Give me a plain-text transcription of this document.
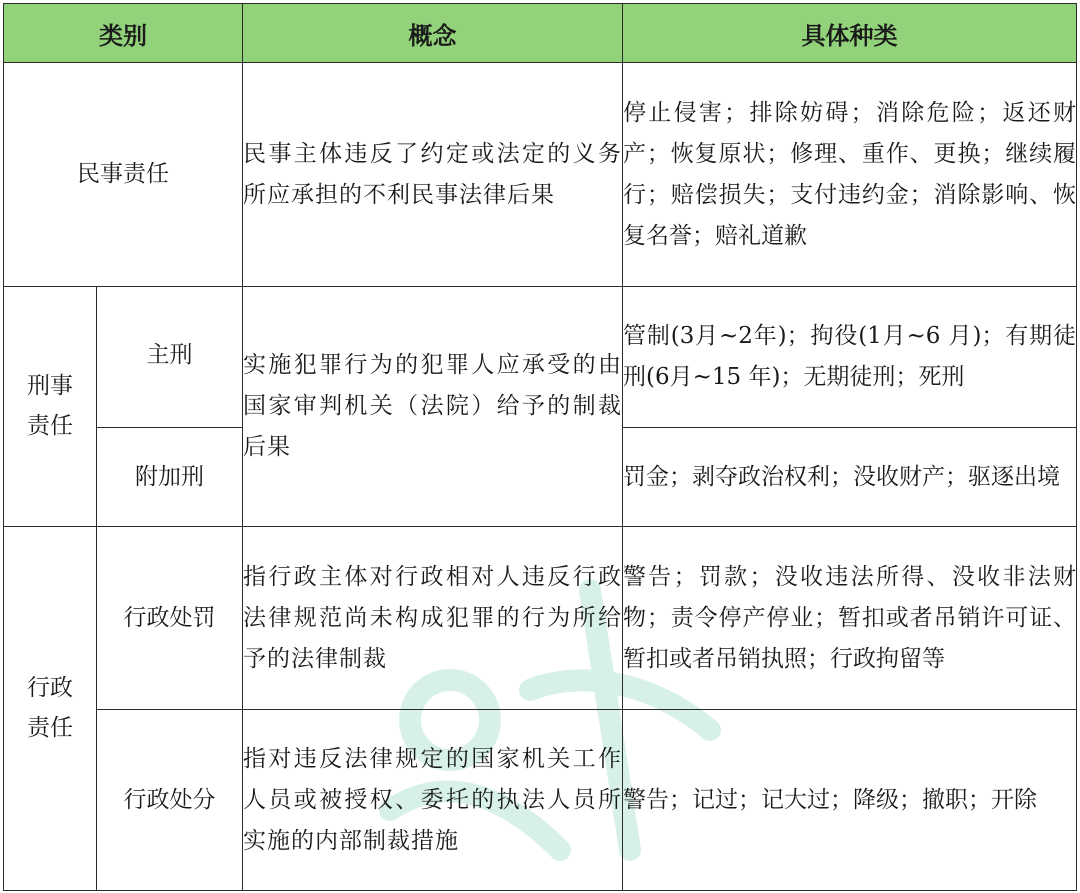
类别		概念	具体种类
民事责任		民事主体违反了约定或法定的义务所应承担的不利民事法律后果	停止侵害；排除妨碍；消除危险；返还财产；恢复原状；修理、重作、更换；继续履行；赔偿损失；支付违约金；消除影响、恢复名誉；赔礼道歉
刑事责任	主刑	实施犯罪行为的犯罪人应承受的由国家审判机关（法院）给予的制裁后果	管制(3月~2年)；拘役(1月~6 月)；有期徒刑(6月~15 年)；无期徒刑；死刑
	附加刑		罚金；剥夺政治权利；没收财产；驱逐出境
行政责任	行政处罚	指行政主体对行政相对人违反行政法律规范尚未构成犯罪的行为所给予的法律制裁	警告；罚款；没收违法所得、没收非法财物；责令停产停业；暂扣或者吊销许可证、暂扣或者吊销执照；行政拘留等
	行政处分	指对违反法律规定的国家机关工作人员或被授权、委托的执法人员所实施的内部制裁措施	警告；记过；记大过；降级；撤职；开除
